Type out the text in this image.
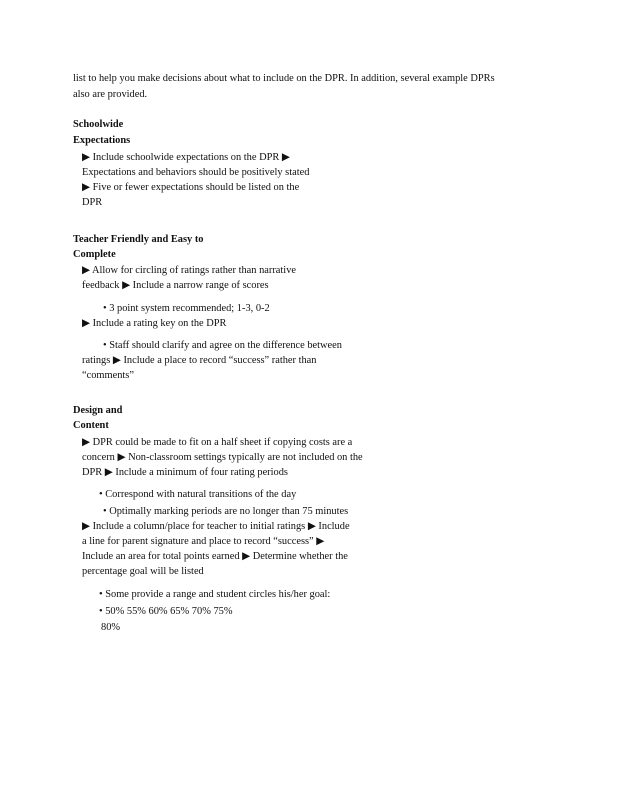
list to help you make decisions about what to include on the DPR. In addition, several example DPRs
also are provided.
Schoolwide
Expectations
▶ Include schoolwide expectations on the DPR ▶
Expectations and behaviors should be positively stated
▶ Five or fewer expectations should be listed on the
DPR
Teacher Friendly and Easy to
Complete
▶ Allow for circling of ratings rather than narrative
feedback ▶ Include a narrow range of scores
• 3 point system recommended; 1-3, 0-2
▶ Include a rating key on the DPR
• Staff should clarify and agree on the difference between
ratings ▶ Include a place to record “success” rather than
“comments”
Design and
Content
▶ DPR could be made to fit on a half sheet if copying costs are a
concern ▶ Non-classroom settings typically are not included on the
DPR ▶ Include a minimum of four rating periods
• Correspond with natural transitions of the day
• Optimally marking periods are no longer than 75 minutes
▶ Include a column/place for teacher to initial ratings ▶ Include
a line for parent signature and place to record “success” ▶
Include an area for total points earned ▶ Determine whether the
percentage goal will be listed
• Some provide a range and student circles his/her goal:
• 50% 55% 60% 65% 70% 75%
80%
